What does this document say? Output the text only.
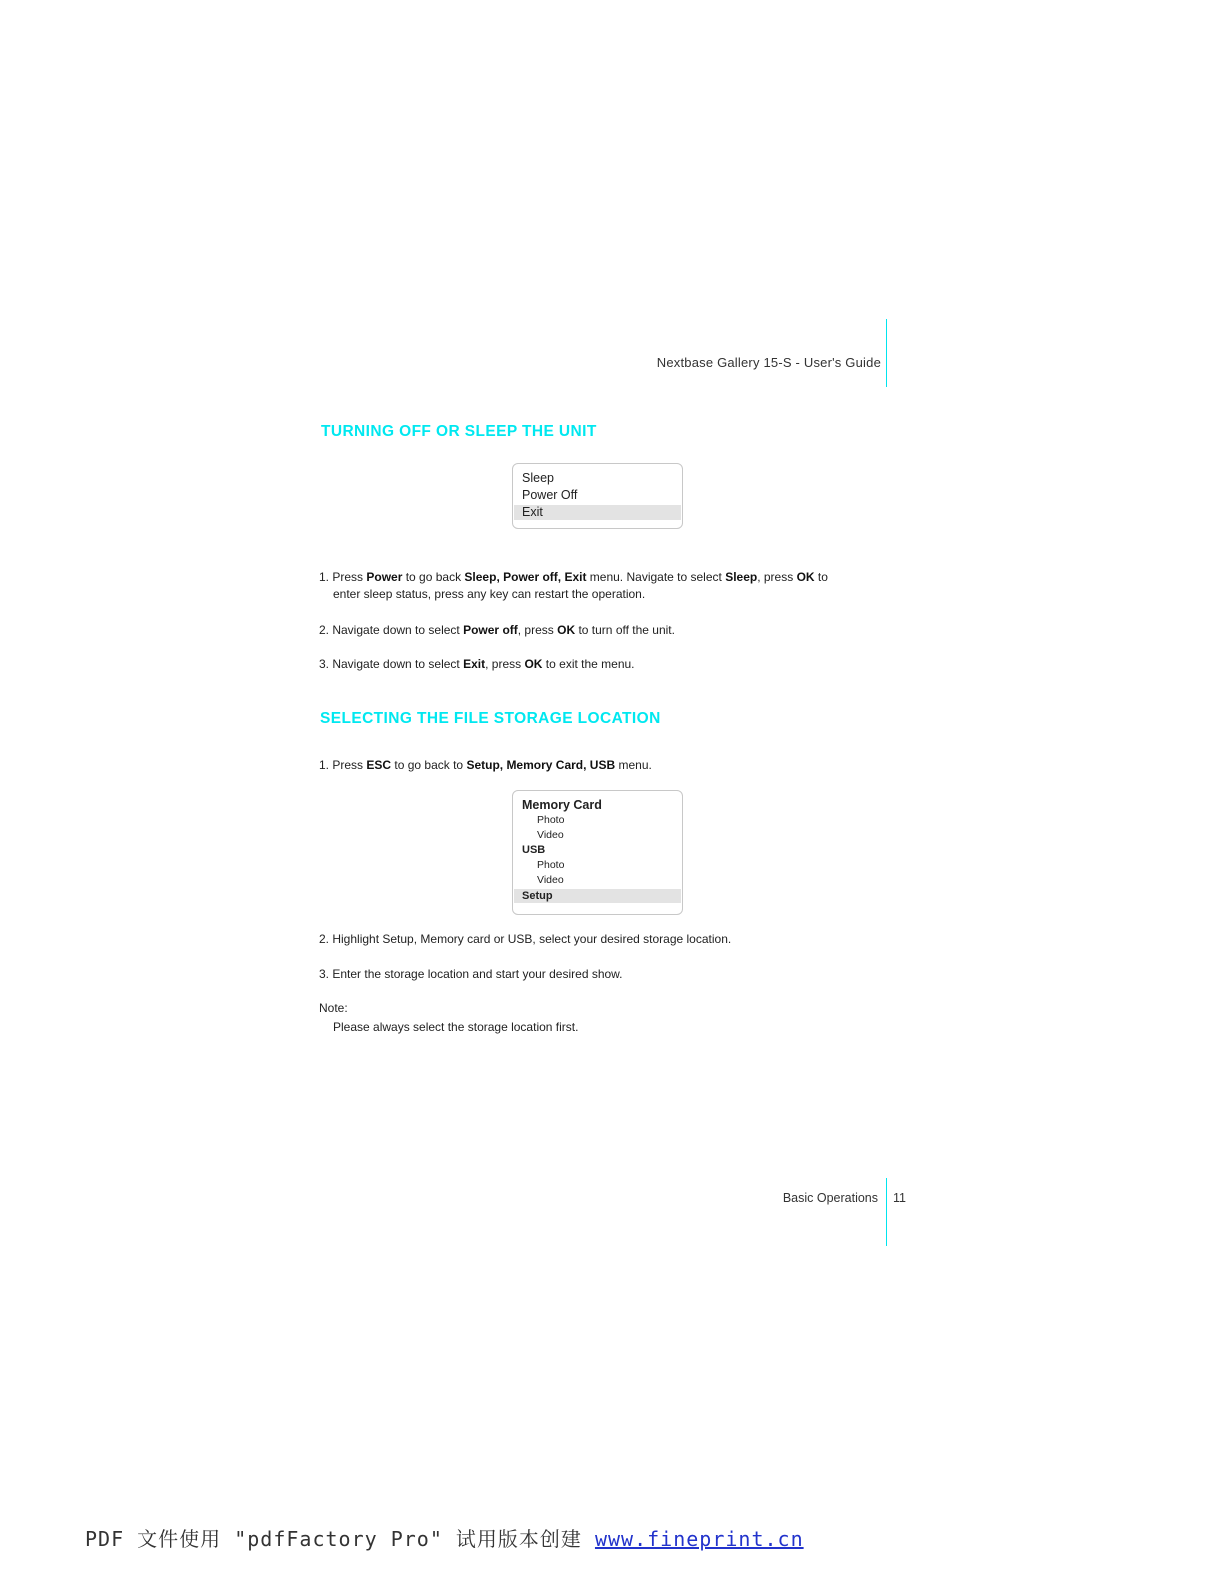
Nextbase Gallery 15-S - User's Guide
TURNING OFF OR SLEEP THE UNIT
Sleep
Power Off
Exit
1. Press Power to go back Sleep, Power off, Exit menu. Navigate to select Sleep, press OK to
enter sleep status, press any key can restart the operation.
2. Navigate down to select Power off, press OK to turn off the unit.
3. Navigate down to select Exit, press OK to exit the menu.
SELECTING THE FILE STORAGE LOCATION
1. Press ESC to go back to Setup, Memory Card, USB menu.
Memory Card
Photo
Video
USB
Photo
Video
Setup
2. Highlight Setup, Memory card or USB, select your desired storage location.
3. Enter the storage location and start your desired show.
Note:
Please always select the storage location first.
Basic Operations 11
PDF 文件使用 "pdfFactory Pro" 试用版本创建 www.fineprint.cn
